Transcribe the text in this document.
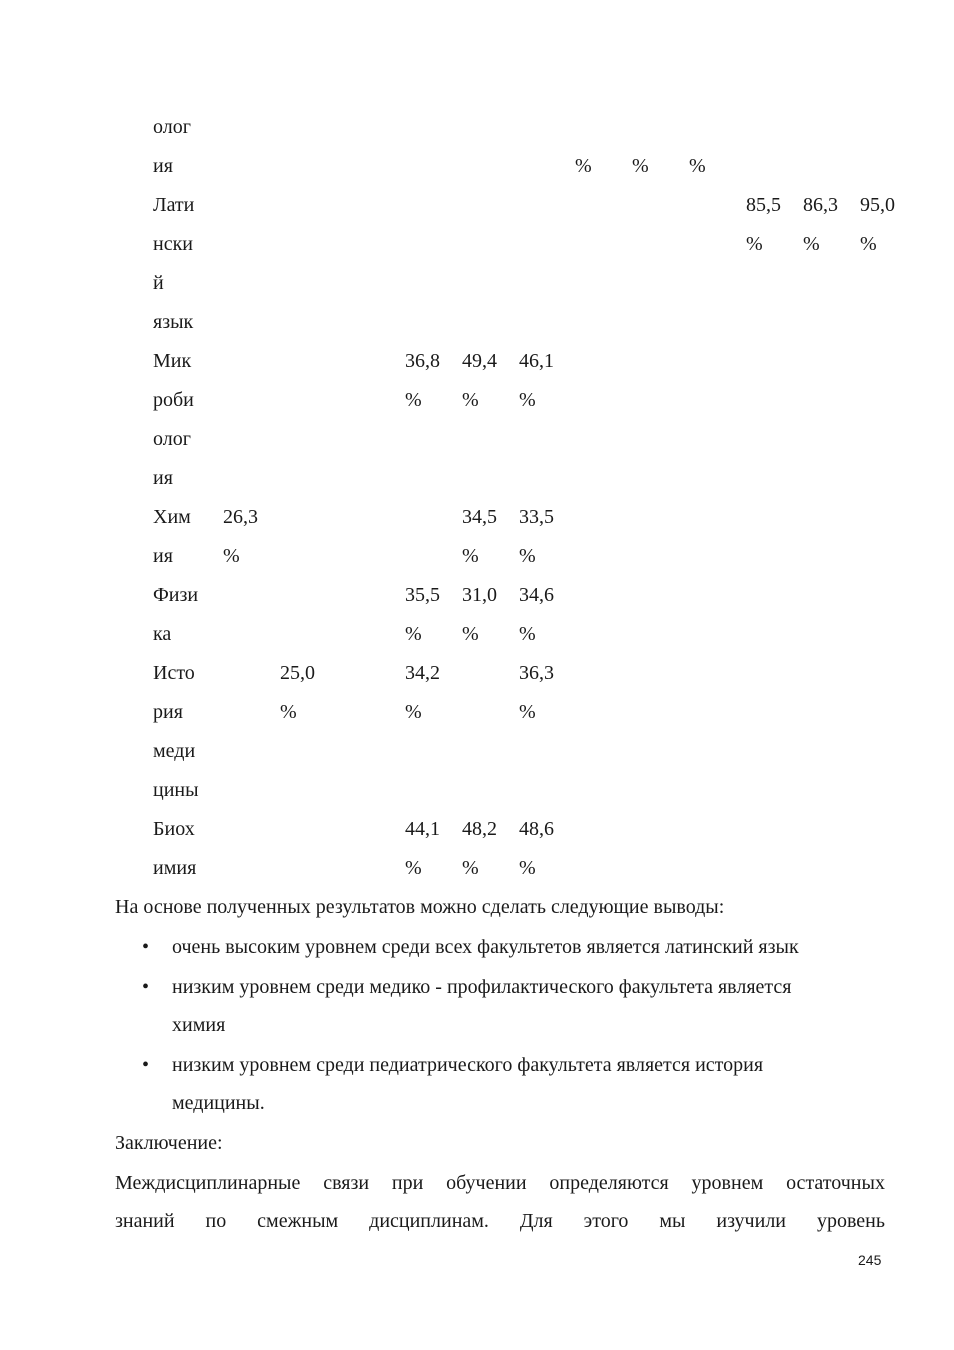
олог
ия
	%
%
%
Лати
нски
й
язык
85,5
%
86,3
%
95,0
%
Мик
роби
олог
ия
36,8
%
49,4
%
46,1
%
Хим
ия
26,3
%
34,5
%
33,5
%
Физи
ка
35,5
%
31,0
%
34,6
%
Исто
рия
меди
цины
25,0
%
34,2
%
36,3
%
Биох
имия
44,1
%
48,2
%
48,6
%
На основе полученных результатов можно сделать следующие выводы:
• очень высоким уровнем среди всех факультетов является латинский язык
• низким уровнем среди медико - профилактического факультета является
химия
• низким уровнем среди педиатрического факультета является история
медицины.
Заключение:
Междисциплинарные связи при обучении определяются уровнем остаточных
знаний по смежным дисциплинам. Для этого мы изучили уровень
245
